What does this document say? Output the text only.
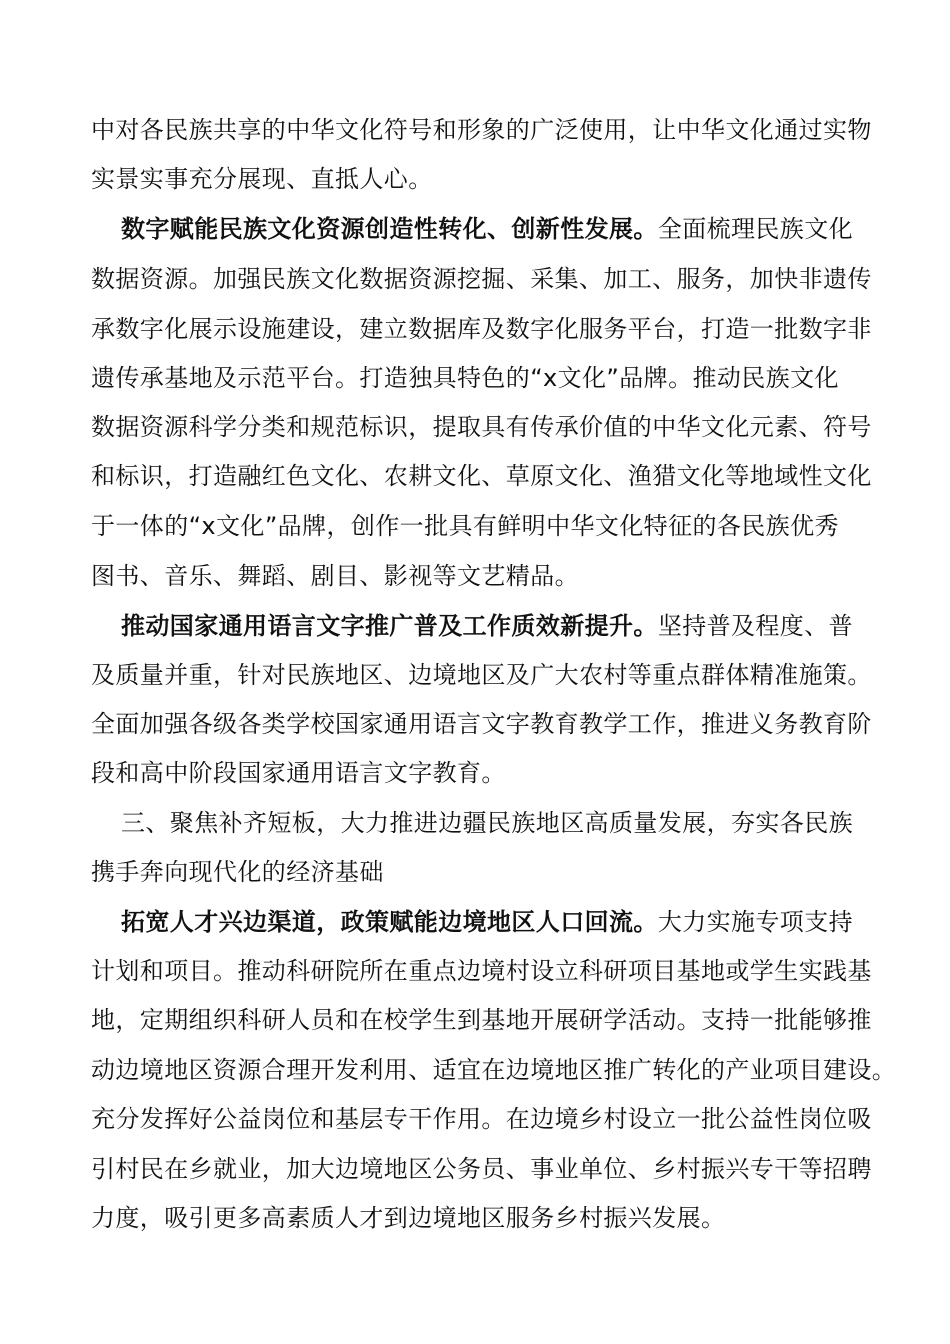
中对各民族共享的中华文化符号和形象的广泛使用，让中华文化通过实物
实景实事充分展现、直抵人心。
数字赋能民族文化资源创造性转化、创新性发展。全面梳理民族文化
数据资源。加强民族文化数据资源挖掘、采集、加工、服务，加快非遗传
承数字化展示设施建设，建立数据库及数字化服务平台，打造一批数字非
遗传承基地及示范平台。打造独具特色的“x文化”品牌。推动民族文化
数据资源科学分类和规范标识，提取具有传承价值的中华文化元素、符号
和标识，打造融红色文化、农耕文化、草原文化、渔猎文化等地域性文化
于一体的“x文化”品牌，创作一批具有鲜明中华文化特征的各民族优秀
图书、音乐、舞蹈、剧目、影视等文艺精品。
推动国家通用语言文字推广普及工作质效新提升。坚持普及程度、普
及质量并重，针对民族地区、边境地区及广大农村等重点群体精准施策。
全面加强各级各类学校国家通用语言文字教育教学工作，推进义务教育阶
段和高中阶段国家通用语言文字教育。
三、聚焦补齐短板，大力推进边疆民族地区高质量发展，夯实各民族
携手奔向现代化的经济基础
拓宽人才兴边渠道，政策赋能边境地区人口回流。大力实施专项支持
计划和项目。推动科研院所在重点边境村设立科研项目基地或学生实践基
地，定期组织科研人员和在校学生到基地开展研学活动。支持一批能够推
动边境地区资源合理开发利用、适宜在边境地区推广转化的产业项目建设。
充分发挥好公益岗位和基层专干作用。在边境乡村设立一批公益性岗位吸
引村民在乡就业，加大边境地区公务员、事业单位、乡村振兴专干等招聘
力度，吸引更多高素质人才到边境地区服务乡村振兴发展。
